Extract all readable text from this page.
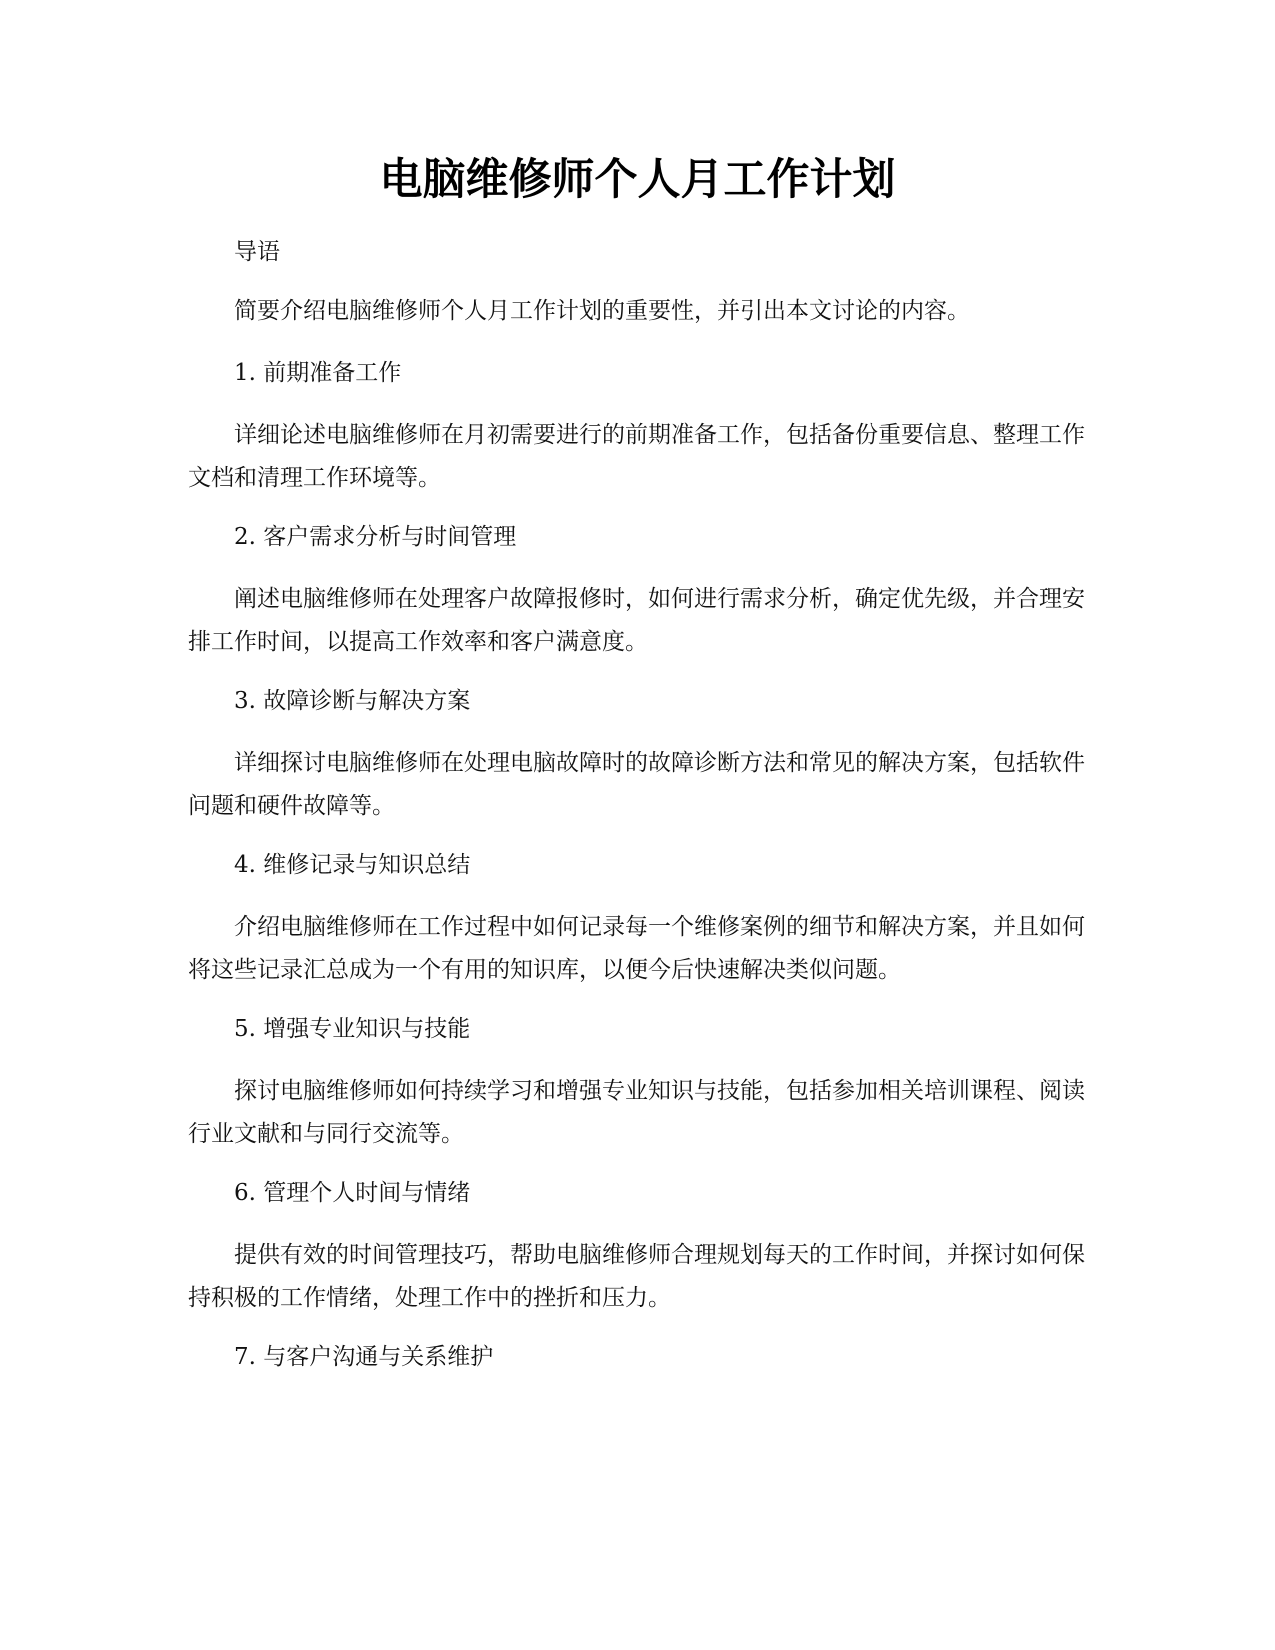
电脑维修师个人月工作计划

导语

简要介绍电脑维修师个人月工作计划的重要性，并引出本文讨论的内容。

1. 前期准备工作

详细论述电脑维修师在月初需要进行的前期准备工作，包括备份重要信息、整理工作文档和清理工作环境等。

2. 客户需求分析与时间管理

阐述电脑维修师在处理客户故障报修时，如何进行需求分析，确定优先级，并合理安排工作时间，以提高工作效率和客户满意度。

3. 故障诊断与解决方案

详细探讨电脑维修师在处理电脑故障时的故障诊断方法和常见的解决方案，包括软件问题和硬件故障等。

4. 维修记录与知识总结

介绍电脑维修师在工作过程中如何记录每一个维修案例的细节和解决方案，并且如何将这些记录汇总成为一个有用的知识库，以便今后快速解决类似问题。

5. 增强专业知识与技能

探讨电脑维修师如何持续学习和增强专业知识与技能，包括参加相关培训课程、阅读行业文献和与同行交流等。

6. 管理个人时间与情绪

提供有效的时间管理技巧，帮助电脑维修师合理规划每天的工作时间，并探讨如何保持积极的工作情绪，处理工作中的挫折和压力。

7. 与客户沟通与关系维护
